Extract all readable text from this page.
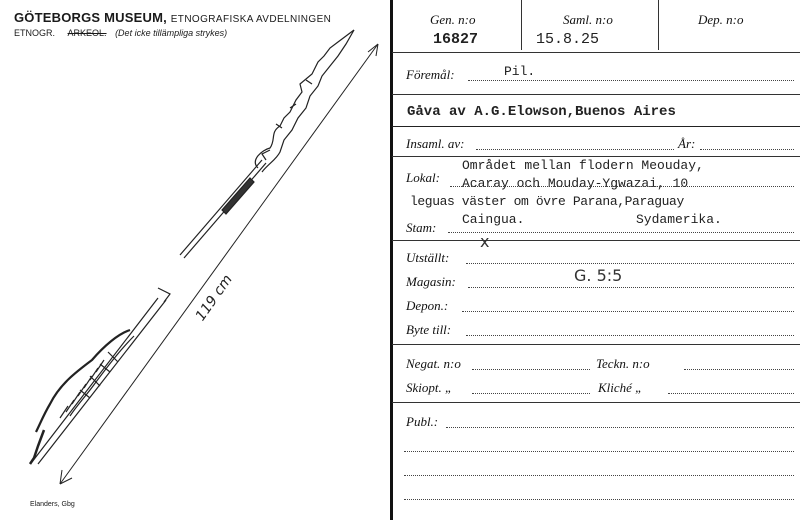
GÖTEBORGS MUSEUM, ETNOGRAFISKA AVDELNINGEN
ETNOGR. ARKEOL. (Det icke tillämpliga strykes)
119 cm
Elanders, Gbg
Gen. n:o
16827
Saml. n:o
15.8.25
Dep. n:o
Föremål:	Pil.
Gåva av A.G.Elowson,Buenos Aires
Insaml. av:	År:
Lokal:
Området mellan flodern Meouday,
Acaray och Mouday-Ygwazai, 10
leguas väster om övre Parana,Paraguay
Stam:
Caingua.	Sydamerika.
Utställt:
x
Magasin:	G. 5:5
Depon.:
Byte till:
Negat. n:o	Teckn. n:o
Skiopt. „	Kliché „
Publ.:
